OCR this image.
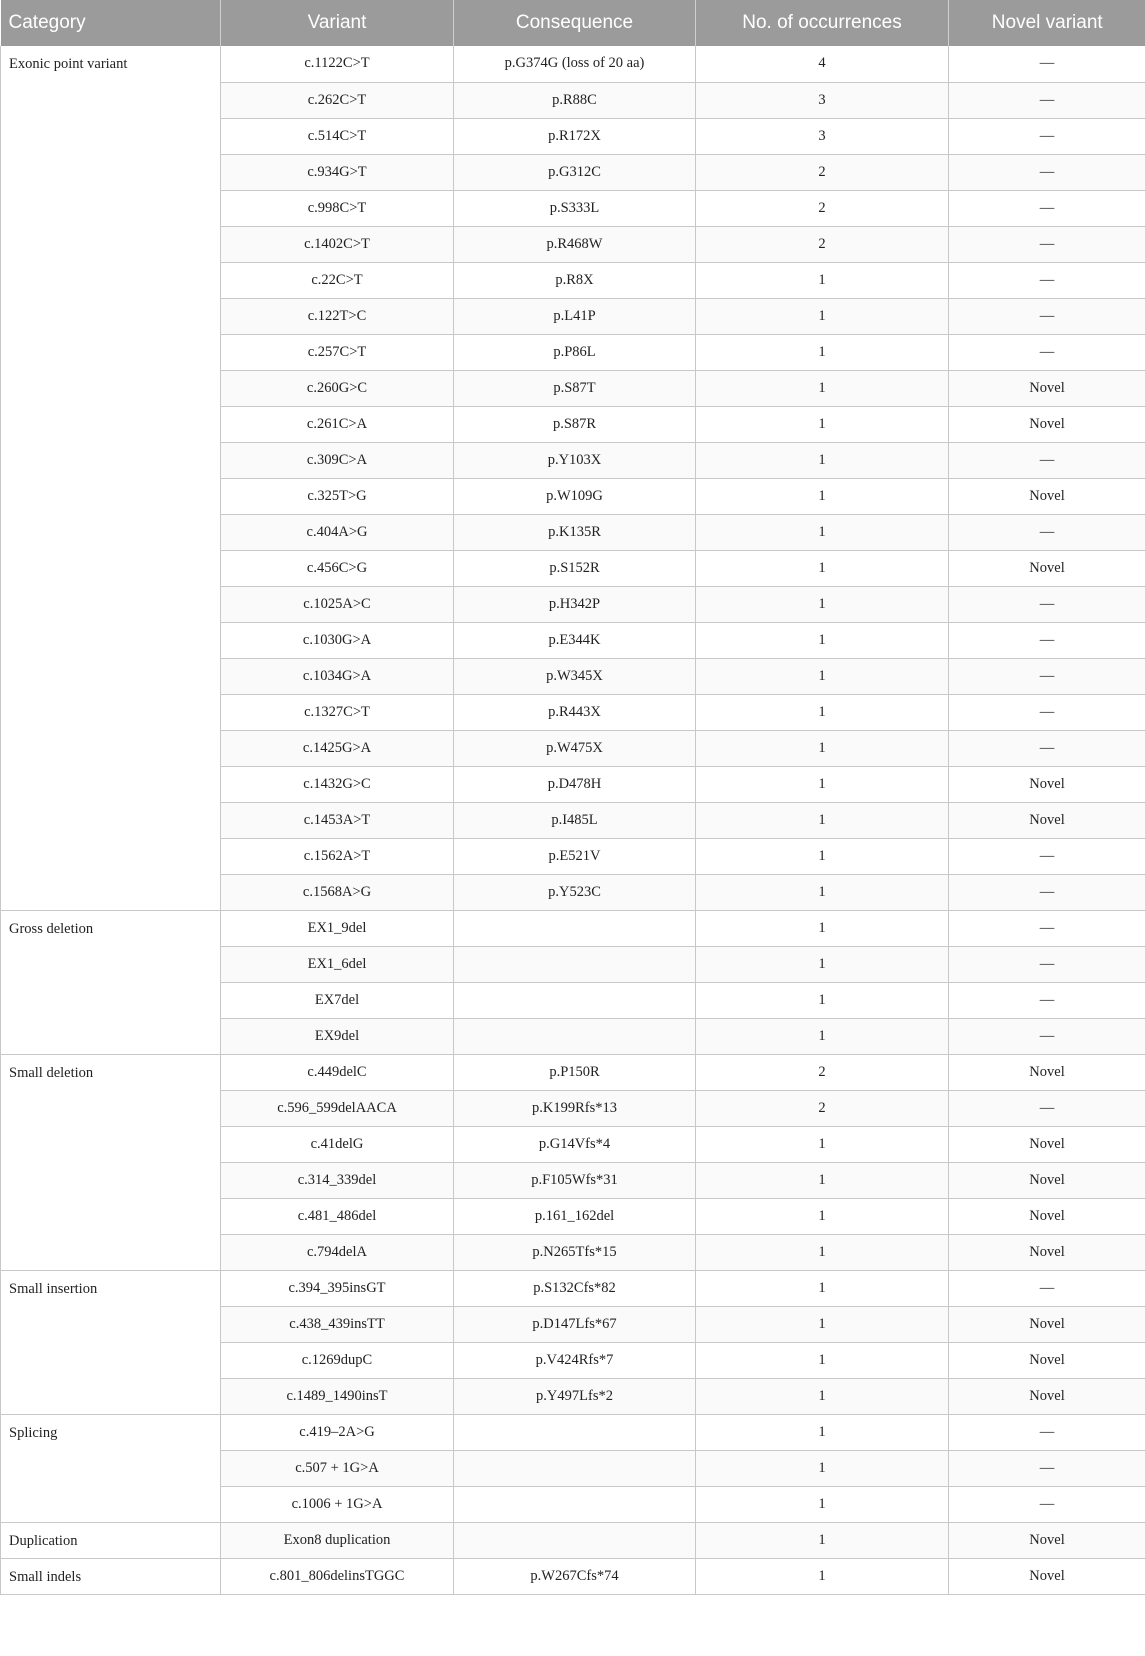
Category	Variant	Consequence	No. of occurrences	Novel variant
Exonic point variant	c.1122C>T	p.G374G (loss of 20 aa)	4	—
	c.262C>T	p.R88C	3	—
	c.514C>T	p.R172X	3	—
	c.934G>T	p.G312C	2	—
	c.998C>T	p.S333L	2	—
	c.1402C>T	p.R468W	2	—
	c.22C>T	p.R8X	1	—
	c.122T>C	p.L41P	1	—
	c.257C>T	p.P86L	1	—
	c.260G>C	p.S87T	1	Novel
	c.261C>A	p.S87R	1	Novel
	c.309C>A	p.Y103X	1	—
	c.325T>G	p.W109G	1	Novel
	c.404A>G	p.K135R	1	—
	c.456C>G	p.S152R	1	Novel
	c.1025A>C	p.H342P	1	—
	c.1030G>A	p.E344K	1	—
	c.1034G>A	p.W345X	1	—
	c.1327C>T	p.R443X	1	—
	c.1425G>A	p.W475X	1	—
	c.1432G>C	p.D478H	1	Novel
	c.1453A>T	p.I485L	1	Novel
	c.1562A>T	p.E521V	1	—
	c.1568A>G	p.Y523C	1	—
Gross deletion	EX1_9del		1	—
	EX1_6del		1	—
	EX7del		1	—
	EX9del		1	—
Small deletion	c.449delC	p.P150R	2	Novel
	c.596_599delAACA	p.K199Rfs*13	2	—
	c.41delG	p.G14Vfs*4	1	Novel
	c.314_339del	p.F105Wfs*31	1	Novel
	c.481_486del	p.161_162del	1	Novel
	c.794delA	p.N265Tfs*15	1	Novel
Small insertion	c.394_395insGT	p.S132Cfs*82	1	—
	c.438_439insTT	p.D147Lfs*67	1	Novel
	c.1269dupC	p.V424Rfs*7	1	Novel
	c.1489_1490insT	p.Y497Lfs*2	1	Novel
Splicing	c.419–2A>G		1	—
	c.507 + 1G>A		1	—
	c.1006 + 1G>A		1	—
Duplication	Exon8 duplication		1	Novel
Small indels	c.801_806delinsTGGC	p.W267Cfs*74	1	Novel
